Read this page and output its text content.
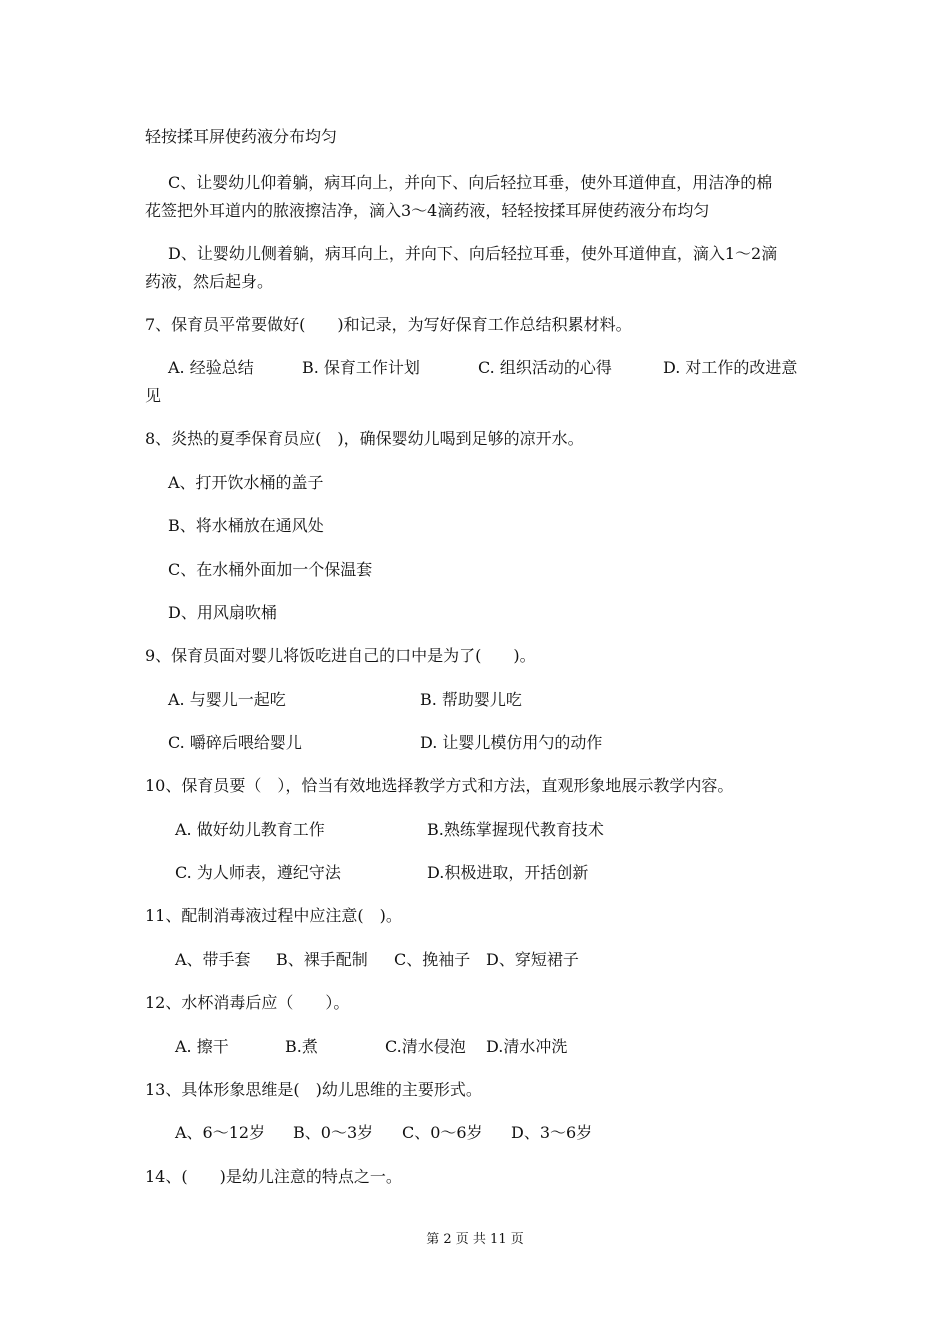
轻按揉耳屏使药液分布均匀
C、让婴幼儿仰着躺，病耳向上，并向下、向后轻拉耳垂，使外耳道伸直，用洁净的棉
花签把外耳道内的脓液擦洁净，滴入3～4滴药液，轻轻按揉耳屏使药液分布均匀
D、让婴幼儿侧着躺，病耳向上，并向下、向后轻拉耳垂，使外耳道伸直，滴入1～2滴
药液，然后起身。
7、保育员平常要做好(　　)和记录，为写好保育工作总结积累材料。
A. 经验总结	B. 保育工作计划	C. 组织活动的心得	D. 对工作的改进意
见
8、炎热的夏季保育员应(　)，确保婴幼儿喝到足够的凉开水。
A、打开饮水桶的盖子
B、将水桶放在通风处
C、在水桶外面加一个保温套
D、用风扇吹桶
9、保育员面对婴儿将饭吃进自己的口中是为了(　　)。
A. 与婴儿一起吃	B. 帮助婴儿吃
C. 嚼碎后喂给婴儿	D. 让婴儿模仿用勺的动作
10、保育员要（　），恰当有效地选择教学方式和方法，直观形象地展示教学内容。
A. 做好幼儿教育工作	B.熟练掌握现代教育技术
C. 为人师表，遵纪守法	D.积极进取，开括创新
11、配制消毒液过程中应注意(　)。
A、带手套 B、裸手配制 C、挽袖子 D、穿短裙子
12、水杯消毒后应（　　）。
A. 擦干	B.煮	C.清水侵泡 D.清水冲洗
13、具体形象思维是(　)幼儿思维的主要形式。
A、6～12岁 B、0～3岁 C、0～6岁 D、3～6岁
14、(　　)是幼儿注意的特点之一。
第 2 页 共 11 页
